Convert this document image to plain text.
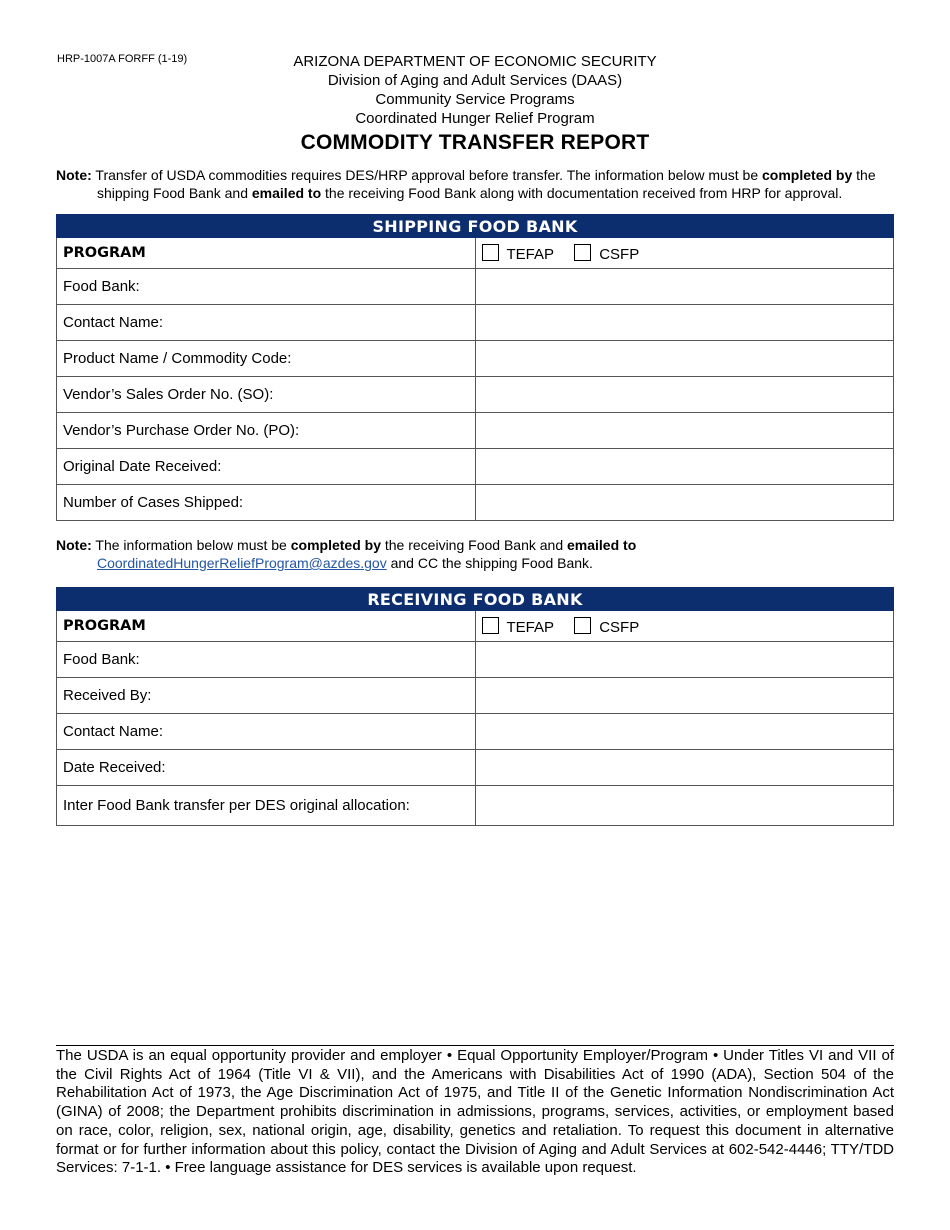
HRP-1007A FORFF (1-19)	ARIZONA DEPARTMENT OF ECONOMIC SECURITY
Division of Aging and Adult Services (DAAS)
Community Service Programs
Coordinated Hunger Relief Program
COMMODITY TRANSFER REPORT
Note: Transfer of USDA commodities requires DES/HRP approval before transfer. The information below must be completed by the
shipping Food Bank and emailed to the receiving Food Bank along with documentation received from HRP for approval.
SHIPPING FOOD BANK	
PROGRAM	TEFAP CSFP
Food Bank:	
Contact Name:	
Product Name / Commodity Code:	
Vendor’s Sales Order No. (SO):	
Vendor’s Purchase Order No. (PO):	
Original Date Received:	
Number of Cases Shipped:	
Note: The information below must be completed by the receiving Food Bank and emailed to
CoordinatedHungerReliefProgram@azdes.gov and CC the shipping Food Bank.
RECEIVING FOOD BANK	
PROGRAM	TEFAP CSFP
Food Bank:	
Received By:	
Contact Name:	
Date Received:	
Inter Food Bank transfer per DES original allocation:	
The USDA is an equal opportunity provider and employer • Equal Opportunity Employer/Program • Under Titles VI and VII of the Civil Rights Act of 1964 (Title VI & VII), and the Americans with Disabilities Act of 1990 (ADA), Section 504 of the Rehabilitation Act of 1973, the Age Discrimination Act of 1975, and Title II of the Genetic Information Nondiscrimination Act (GINA) of 2008; the Department prohibits discrimination in admissions, programs, services, activities, or employment based on race, color, religion, sex, national origin, age, disability, genetics and retaliation. To request this document in alternative format or for further information about this policy, contact the Division of Aging and Adult Services at 602-542-4446; TTY/TDD Services: 7-1-1. • Free language assistance for DES services is available upon request.
